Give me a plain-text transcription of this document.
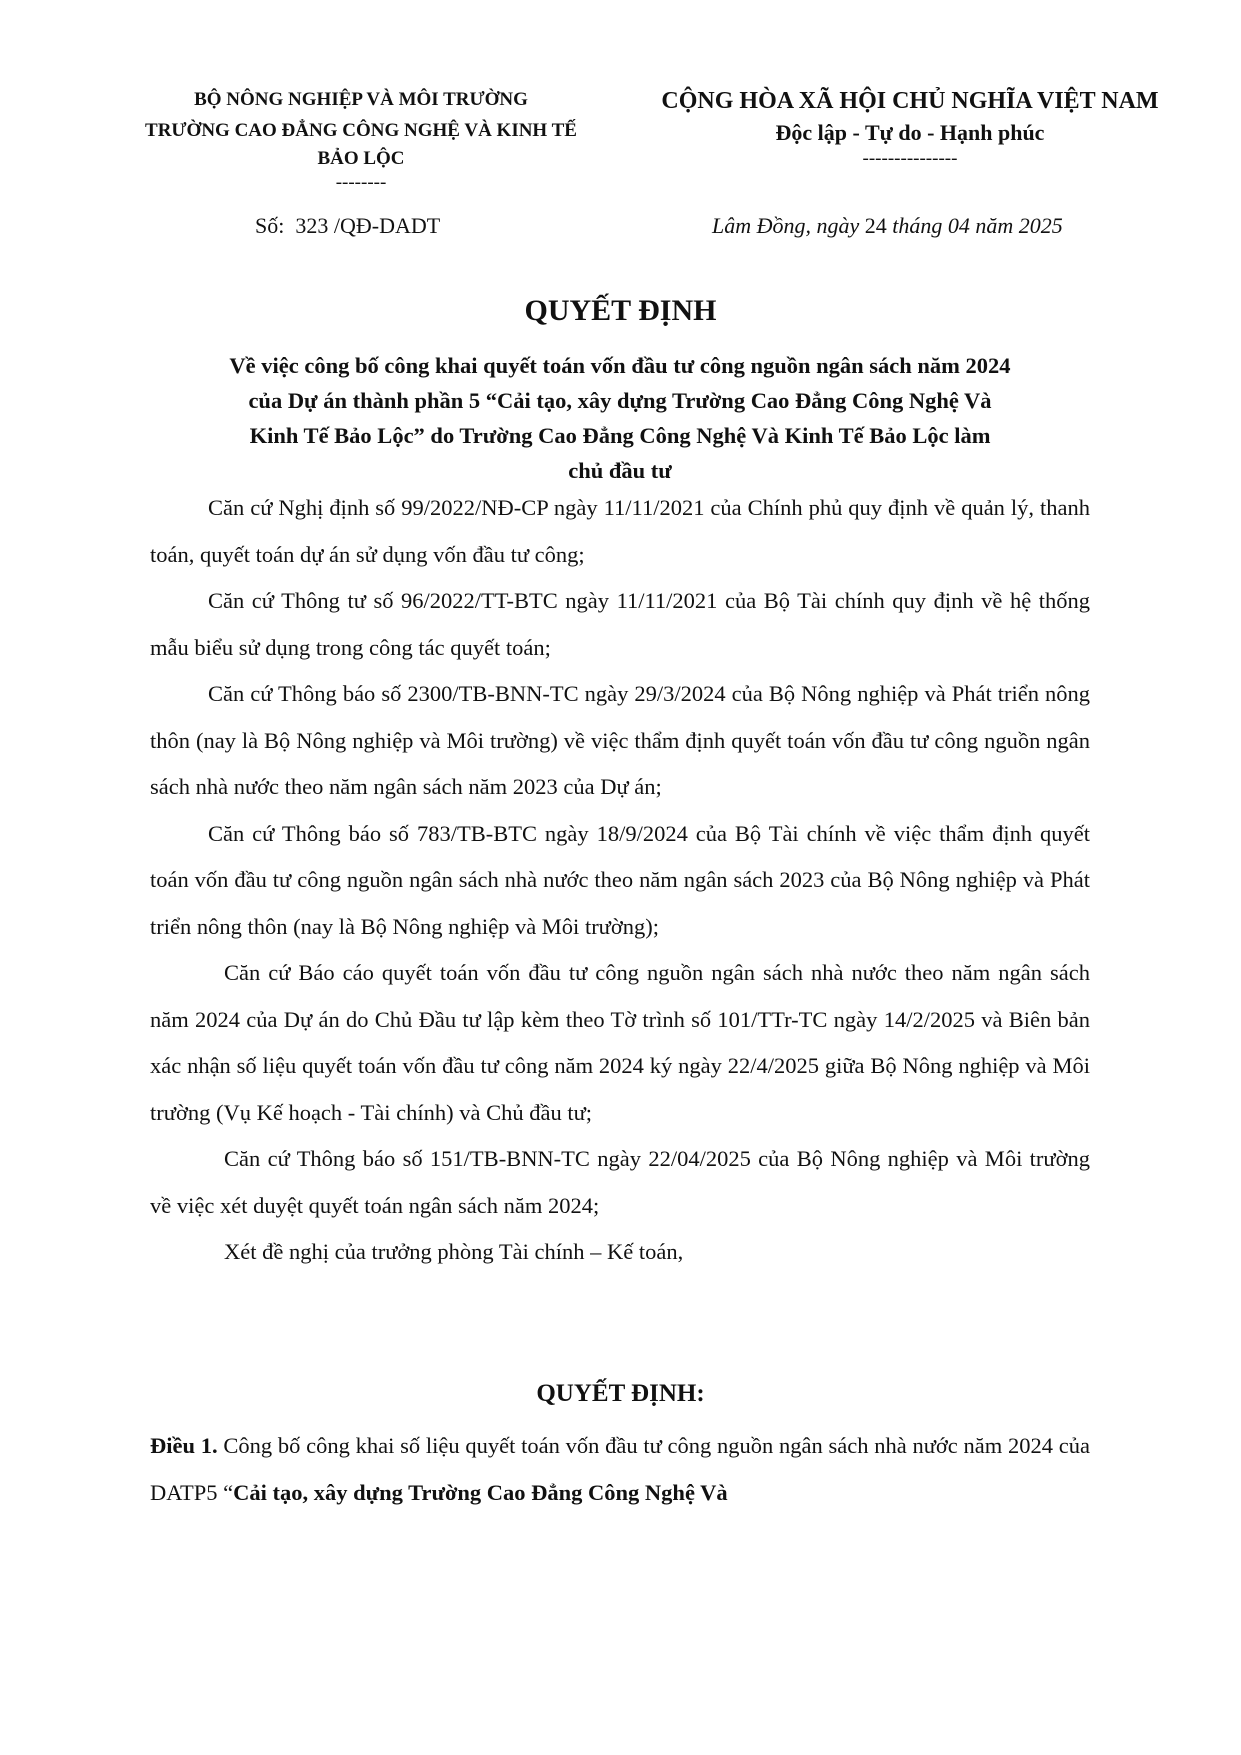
BỘ NÔNG NGHIỆP VÀ MÔI TRƯỜNG
TRƯỜNG CAO ĐẲNG CÔNG NGHỆ VÀ KINH TẾ
BẢO LỘC
--------
CỘNG HÒA XÃ HỘI CHỦ NGHĨA VIỆT NAM
Độc lập - Tự do - Hạnh phúc
---------------
Số: 323 /QĐ-DADT	Lâm Đồng, ngày 24 tháng 04 năm 2025
QUYẾT ĐỊNH
Về việc công bố công khai quyết toán vốn đầu tư công nguồn ngân sách năm 2024
của Dự án thành phần 5 “Cải tạo, xây dựng Trường Cao Đẳng Công Nghệ Và
Kinh Tế Bảo Lộc” do Trường Cao Đẳng Công Nghệ Và Kinh Tế Bảo Lộc làm
chủ đầu tư

Căn cứ Nghị định số 99/2022/NĐ-CP ngày 11/11/2021 của Chính phủ quy định về quản lý, thanh toán, quyết toán dự án sử dụng vốn đầu tư công;

Căn cứ Thông tư số 96/2022/TT-BTC ngày 11/11/2021 của Bộ Tài chính quy định về hệ thống mẫu biểu sử dụng trong công tác quyết toán;

Căn cứ Thông báo số 2300/TB-BNN-TC ngày 29/3/2024 của Bộ Nông nghiệp và Phát triển nông thôn (nay là Bộ Nông nghiệp và Môi trường) về việc thẩm định quyết toán vốn đầu tư công nguồn ngân sách nhà nước theo năm ngân sách năm 2023 của Dự án;

Căn cứ Thông báo số 783/TB-BTC ngày 18/9/2024 của Bộ Tài chính về việc thẩm định quyết toán vốn đầu tư công nguồn ngân sách nhà nước theo năm ngân sách 2023 của Bộ Nông nghiệp và Phát triển nông thôn (nay là Bộ Nông nghiệp và Môi trường);

Căn cứ Báo cáo quyết toán vốn đầu tư công nguồn ngân sách nhà nước theo năm ngân sách năm 2024 của Dự án do Chủ Đầu tư lập kèm theo Tờ trình số 101/TTr-TC ngày 14/2/2025 và Biên bản xác nhận số liệu quyết toán vốn đầu tư công năm 2024 ký ngày 22/4/2025 giữa Bộ Nông nghiệp và Môi trường (Vụ Kế hoạch - Tài chính) và Chủ đầu tư;

Căn cứ Thông báo số 151/TB-BNN-TC ngày 22/04/2025 của Bộ Nông nghiệp và Môi trường về việc xét duyệt quyết toán ngân sách năm 2024;

Xét đề nghị của trưởng phòng Tài chính – Kế toán,

QUYẾT ĐỊNH:
Điều 1. Công bố công khai số liệu quyết toán vốn đầu tư công nguồn ngân sách nhà nước năm 2024 của DATP5 “Cải tạo, xây dựng Trường Cao Đẳng Công Nghệ Và
